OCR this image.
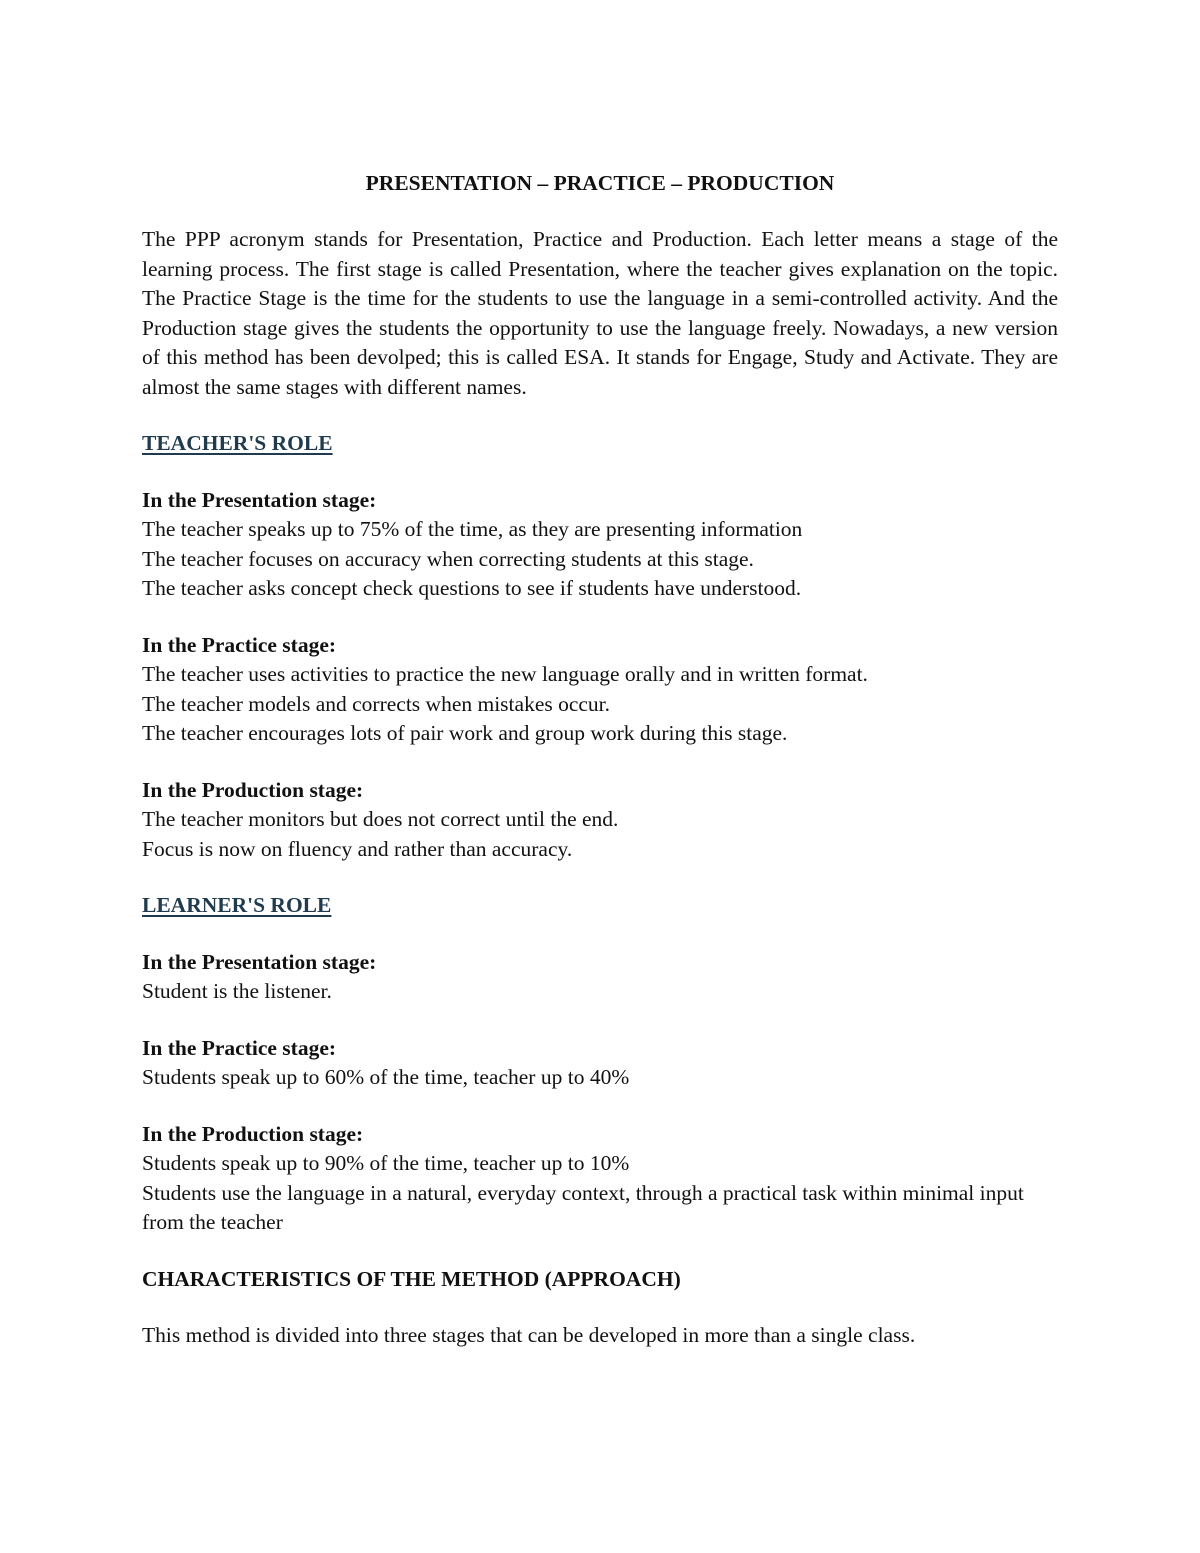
PRESENTATION – PRACTICE – PRODUCTION

The PPP acronym stands for Presentation, Practice and Production. Each letter means a stage of the learning process. The first stage is called Presentation, where the teacher gives explanation on the topic. The Practice Stage is the time for the students to use the language in a semi-controlled activity. And the Production stage gives the students the opportunity to use the language freely. Nowadays, a new version of this method has been devolped; this is called ESA. It stands for Engage, Study and Activate. They are almost the same stages with different names.

TEACHER'S ROLE
In the Presentation stage:
The teacher speaks up to 75% of the time, as they are presenting information
The teacher focuses on accuracy when correcting students at this stage.
The teacher asks concept check questions to see if students have understood.
In the Practice stage:
The teacher uses activities to practice the new language orally and in written format.
The teacher models and corrects when mistakes occur.
The teacher encourages lots of pair work and group work during this stage.
In the Production stage:
The teacher monitors but does not correct until the end.
Focus is now on fluency and rather than accuracy.
LEARNER'S ROLE
In the Presentation stage:
Student is the listener.
In the Practice stage:
Students speak up to 60% of the time, teacher up to 40%
In the Production stage:
Students speak up to 90% of the time, teacher up to 10%
Students use the language in a natural, everyday context, through a practical task within minimal input from the teacher
CHARACTERISTICS OF THE METHOD (APPROACH)

This method is divided into three stages that can be developed in more than a single class.
